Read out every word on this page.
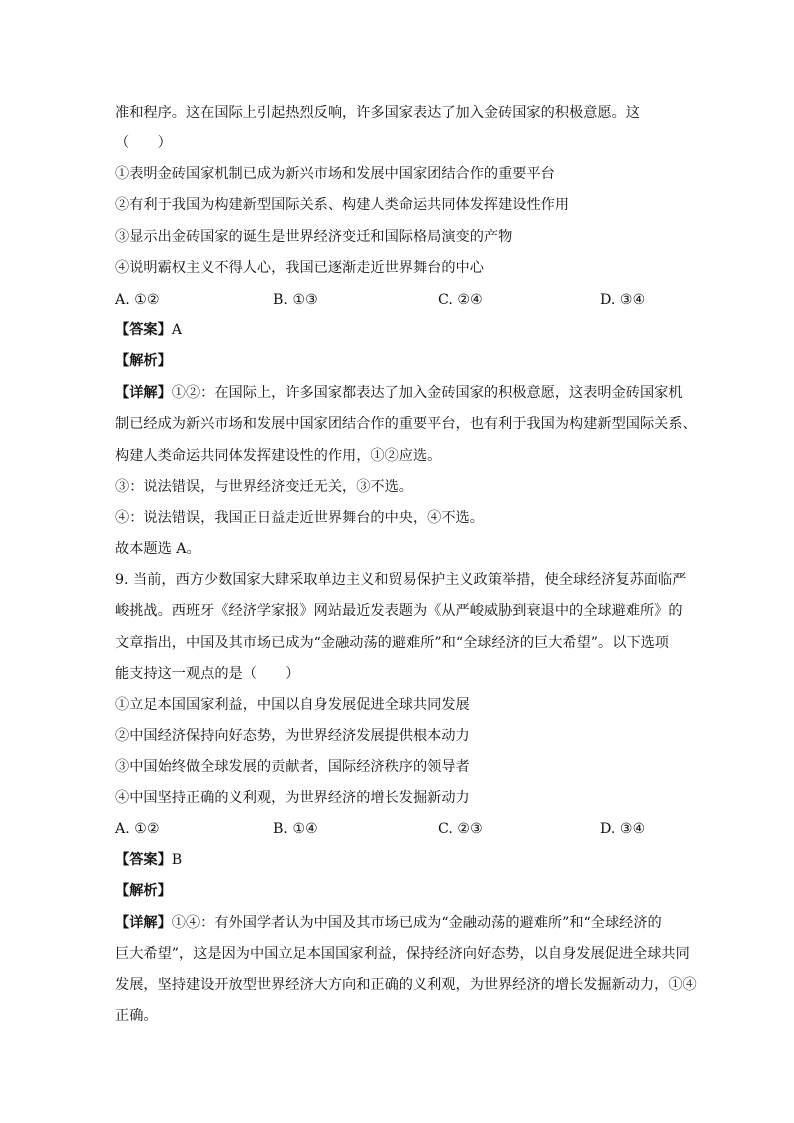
准和程序。这在国际上引起热烈反响，许多国家表达了加入金砖国家的积极意愿。这
（　　）
①表明金砖国家机制已成为新兴市场和发展中国家团结合作的重要平台
②有利于我国为构建新型国际关系、构建人类命运共同体发挥建设性作用
③显示出金砖国家的诞生是世界经济变迁和国际格局演变的产物
④说明霸权主义不得人心，我国已逐渐走近世界舞台的中心
A. ①②	B. ①③	C. ②④	D. ③④
【答案】A
【解析】
【详解】①②：在国际上，许多国家都表达了加入金砖国家的积极意愿，这表明金砖国家机
制已经成为新兴市场和发展中国家团结合作的重要平台，也有利于我国为构建新型国际关系、
构建人类命运共同体发挥建设性的作用，①②应选。
③：说法错误，与世界经济变迁无关，③不选。
④：说法错误，我国正日益走近世界舞台的中央，④不选。
故本题选 A。
9. 当前，西方少数国家大肆采取单边主义和贸易保护主义政策举措，使全球经济复苏面临严
峻挑战。西班牙《经济学家报》网站最近发表题为《从严峻威胁到衰退中的全球避难所》的
文章指出，中国及其市场已成为“金融动荡的避难所”和“全球经济的巨大希望”。以下选项
能支持这一观点的是（　　）
①立足本国国家利益，中国以自身发展促进全球共同发展
②中国经济保持向好态势，为世界经济发展提供根本动力
③中国始终做全球发展的贡献者，国际经济秩序的领导者
④中国坚持正确的义利观，为世界经济的增长发掘新动力
A. ①②	B. ①④	C. ②③	D. ③④
【答案】B
【解析】
【详解】①④：有外国学者认为中国及其市场已成为“金融动荡的避难所”和“全球经济的
巨大希望”，这是因为中国立足本国国家利益，保持经济向好态势，以自身发展促进全球共同
发展，坚持建设开放型世界经济大方向和正确的义利观，为世界经济的增长发掘新动力，①④
正确。
